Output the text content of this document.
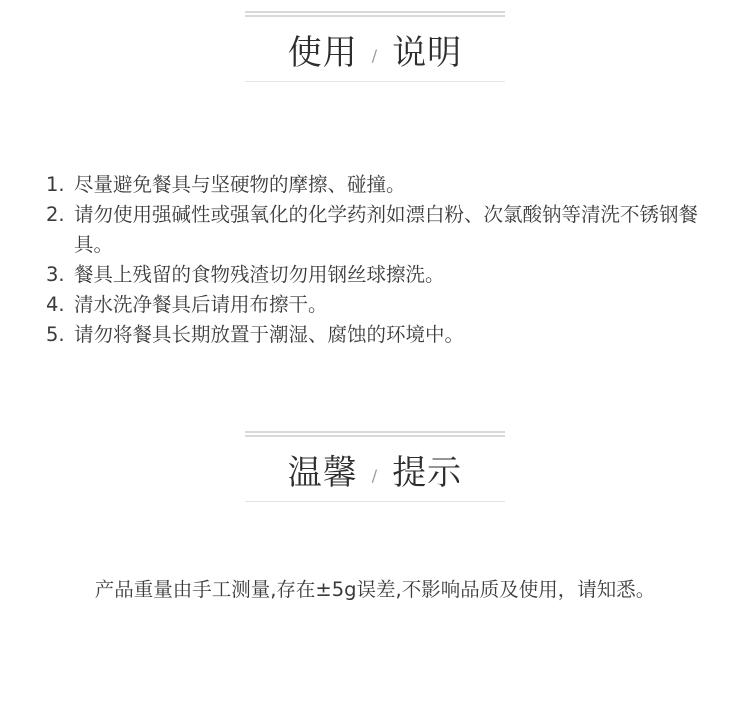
使用 / 说明
1. 尽量避免餐具与坚硬物的摩擦、碰撞。
2. 请勿使用强碱性或强氧化的化学药剂如漂白粉、次氯酸钠等清洗不锈钢餐具。
3. 餐具上残留的食物残渣切勿用钢丝球擦洗。
4. 清水洗净餐具后请用布擦干。
5. 请勿将餐具长期放置于潮湿、腐蚀的环境中。
温馨 / 提示
产品重量由手工测量,存在±5g误差,不影响品质及使用，请知悉。
